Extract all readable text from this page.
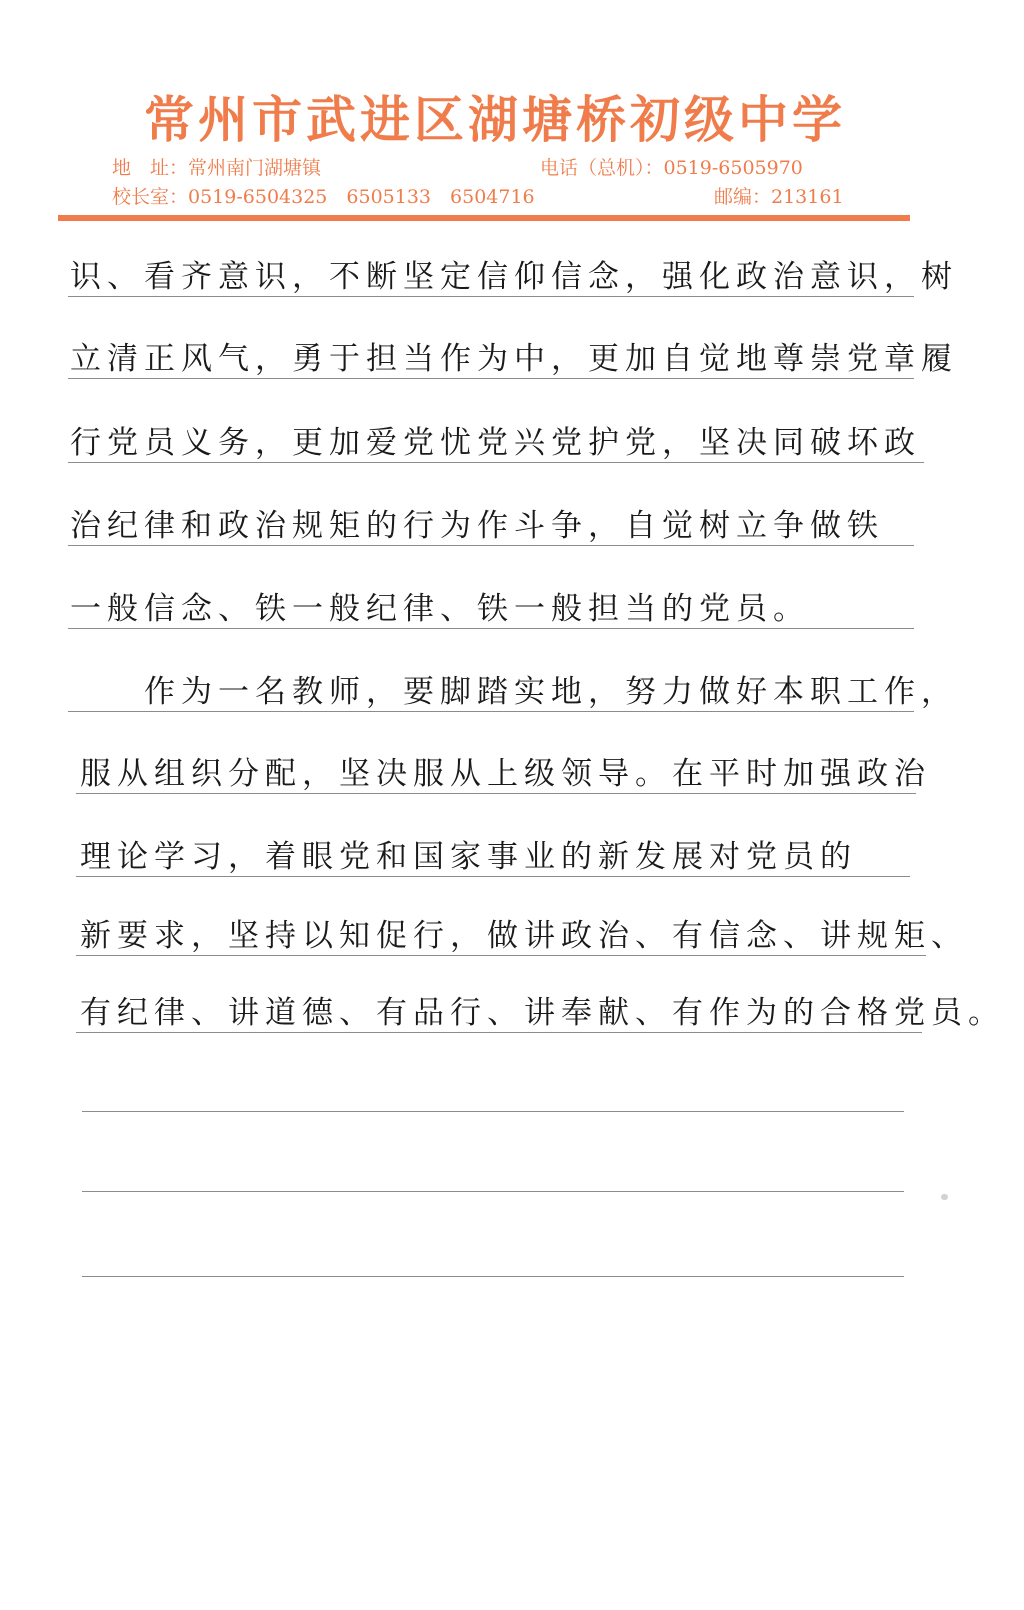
常州市武进区湖塘桥初级中学
地　址：常州南门湖塘镇	电话（总机）：0519-6505970
校长室：0519-6504325　6505133　6504716	邮编：213161
识、看齐意识，不断坚定信仰信念，强化政治意识，树
立清正风气，勇于担当作为中，更加自觉地尊崇党章履
行党员义务，更加爱党忧党兴党护党，坚决同破坏政
治纪律和政治规矩的行为作斗争，自觉树立争做铁
一般信念、铁一般纪律、铁一般担当的党员。
　　作为一名教师，要脚踏实地，努力做好本职工作，
服从组织分配，坚决服从上级领导。在平时加强政治
理论学习，着眼党和国家事业的新发展对党员的
新要求，坚持以知促行，做讲政治、有信念、讲规矩、
有纪律、讲道德、有品行、讲奉献、有作为的合格党员。
